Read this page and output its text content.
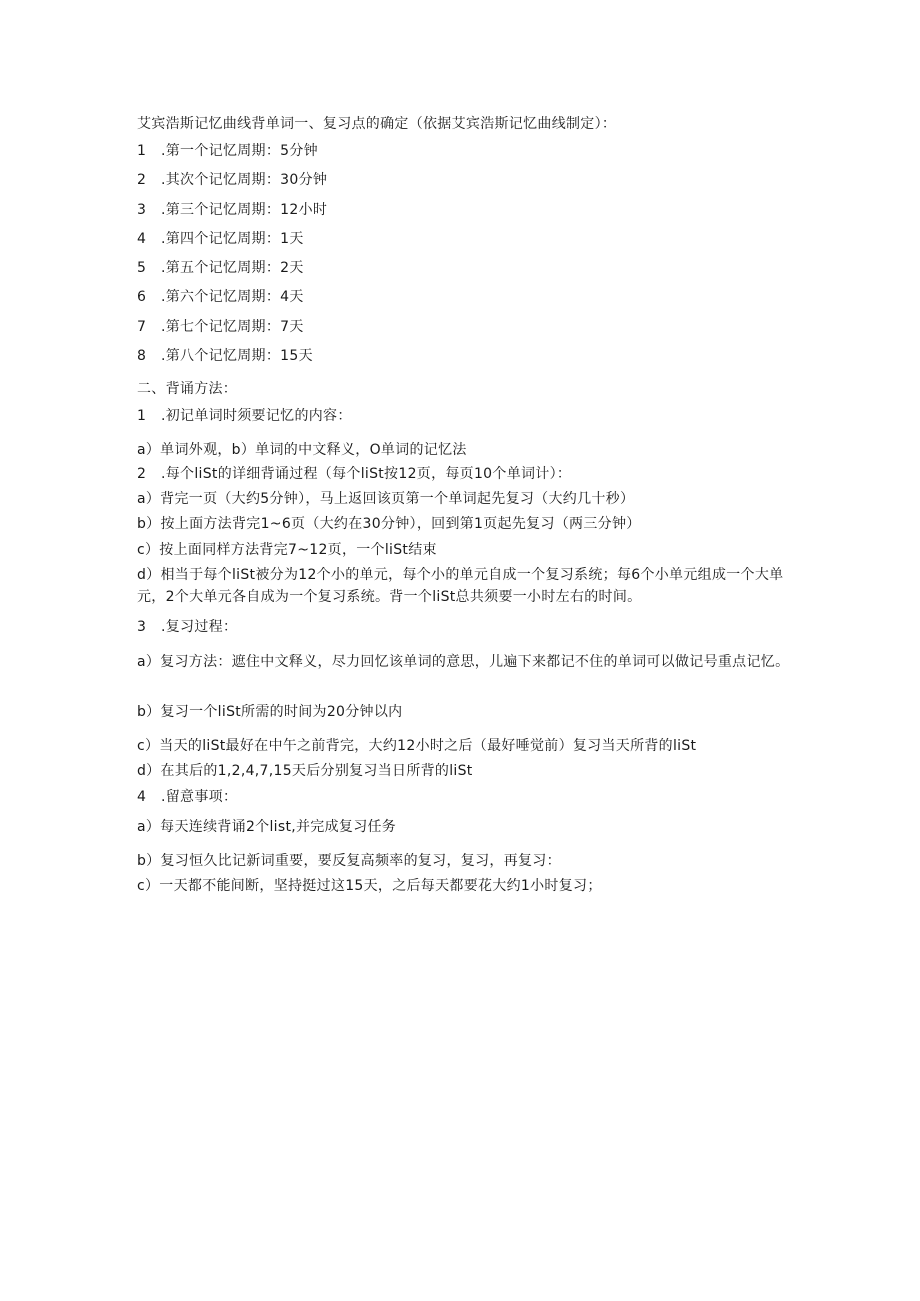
艾宾浩斯记忆曲线背单词一、复习点的确定（依据艾宾浩斯记忆曲线制定）：
1 .第一个记忆周期：5分钟
2 .其次个记忆周期：30分钟
3 .第三个记忆周期：12小时
4 .第四个记忆周期：1天
5 .第五个记忆周期：2天
6 .第六个记忆周期：4天
7 .第七个记忆周期：7天
8 .第八个记忆周期：15天
二、背诵方法：
1 .初记单词时须要记忆的内容：
a）单词外观，b）单词的中文释义，O单词的记忆法
2 .每个liSt的详细背诵过程（每个liSt按12页，每页10个单词计）：
a）背完一页（大约5分钟），马上返回该页第一个单词起先复习（大约几十秒）
b）按上面方法背完1~6页（大约在30分钟），回到第1页起先复习（两三分钟）
c）按上面同样方法背完7~12页，一个liSt结束
d）相当于每个liSt被分为12个小的单元，每个小的单元自成一个复习系统；每6个小单元组成一个大单元，2个大单元各自成为一个复习系统。背一个liSt总共须要一小时左右的时间。
3 .复习过程：
a）复习方法：遮住中文释义，尽力回忆该单词的意思，儿遍下来都记不住的单词可以做记号重点记忆。
b）复习一个liSt所需的时间为20分钟以内
c）当天的liSt最好在中午之前背完，大约12小时之后（最好唾觉前）复习当天所背的liSt
d）在其后的1,2,4,7,15天后分别复习当日所背的liSt
4 .留意事项：
a）每天连续背诵2个list,并完成复习任务
b）复习恒久比记新词重要，要反复高频率的复习，复习，再复习：
c）一天都不能间断，坚持挺过这15天，之后每天都要花大约1小时复习；
